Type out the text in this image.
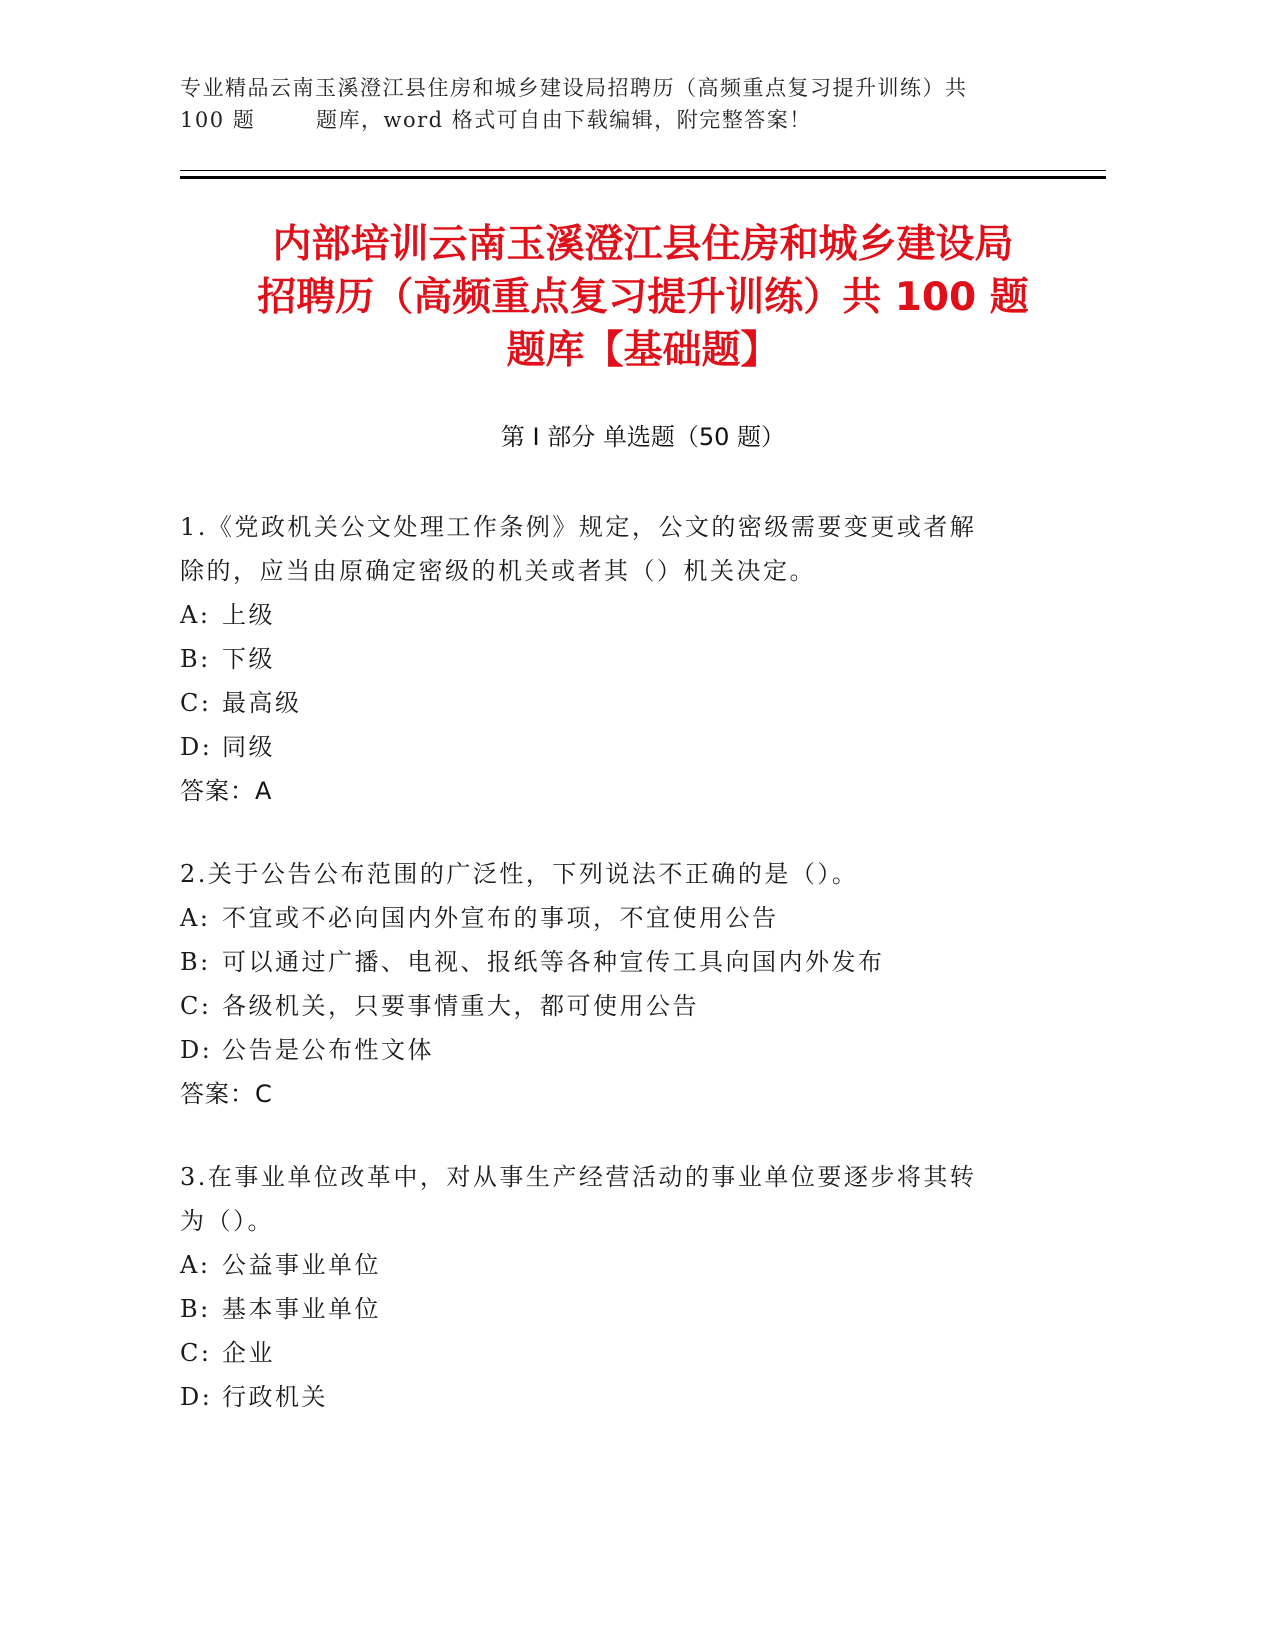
专业精品云南玉溪澄江县住房和城乡建设局招聘历（高频重点复习提升训练）共
100 题	题库，word 格式可自由下载编辑，附完整答案！
内部培训云南玉溪澄江县住房和城乡建设局
招聘历（高频重点复习提升训练）共 100 题
题库【基础题】
第 I 部分 单选题（50 题）
1.《党政机关公文处理工作条例》规定，公文的密级需要变更或者解
除的，应当由原确定密级的机关或者其（）机关决定。
A: 上级
B: 下级
C: 最高级
D: 同级
答案：A
2.关于公告公布范围的广泛性，下列说法不正确的是（）。
A: 不宜或不必向国内外宣布的事项，不宜使用公告
B: 可以通过广播、电视、报纸等各种宣传工具向国内外发布
C: 各级机关，只要事情重大，都可使用公告
D: 公告是公布性文体
答案：C
3.在事业单位改革中，对从事生产经营活动的事业单位要逐步将其转
为（）。
A: 公益事业单位
B: 基本事业单位
C: 企业
D: 行政机关
